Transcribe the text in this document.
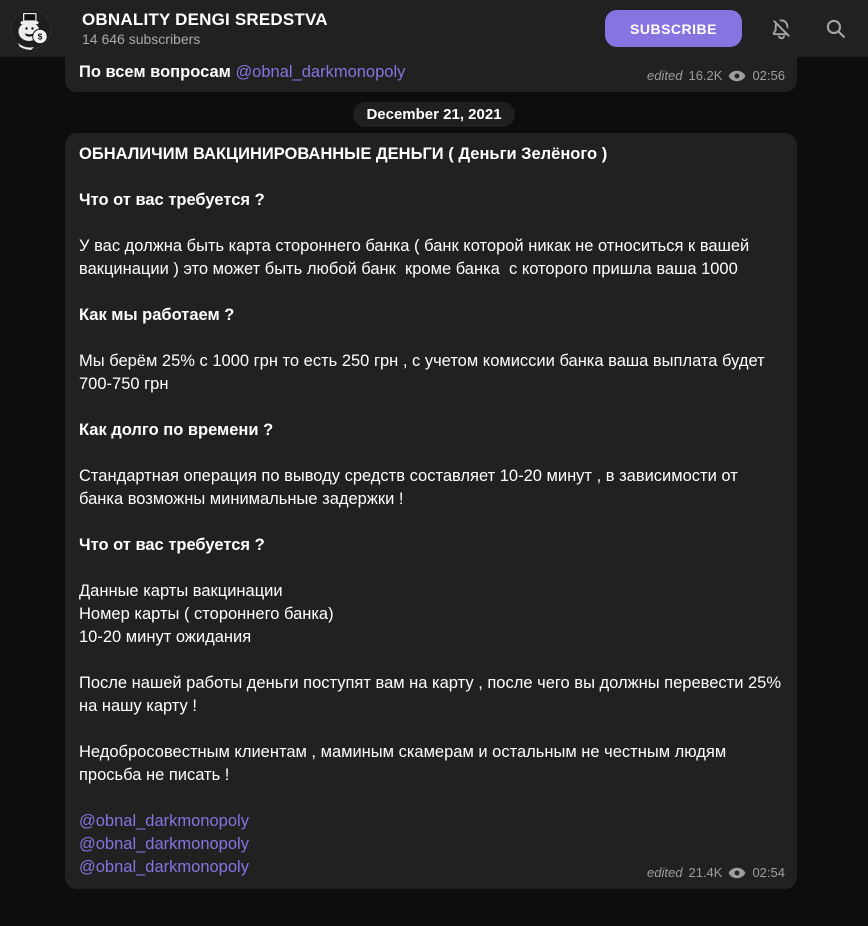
$
OBNALITY DENGI SREDSTVA
14 646 subscribers
SUBSCRIBE
По всем вопросам @obnal_darkmonopoly	edited 16.2K 02:56
December 21, 2021
ОБНАЛИЧИМ ВАКЦИНИРОВАННЫЕ ДЕНЬГИ ( Деньги Зелёного )
Что от вас требуется ?
У вас должна быть карта стороннего банка ( банк которой никак не относиться к вашей вакцинации ) это может быть любой банк  кроме банка  с которого пришла ваша 1000
Как мы работаем ?
Мы берём 25% с 1000 грн то есть 250 грн , с учетом комиссии банка ваша выплата будет  700-750 грн
Как долго по времени ?
Стандартная операция по выводу средств составляет 10-20 минут , в зависимости от банка возможны минимальные задержки !
Что от вас требуется ?
Данные карты вакцинации
Номер карты ( стороннего банка)
10-20 минут ожидания
После нашей работы деньги поступят вам на карту , после чего вы должны перевести 25% на нашу карту !
Недобросовестным клиентам , маминым скамерам и остальным не честным людям просьба не писать !
@obnal_darkmonopoly
@obnal_darkmonopoly
@obnal_darkmonopoly	edited 21.4K 02:54
